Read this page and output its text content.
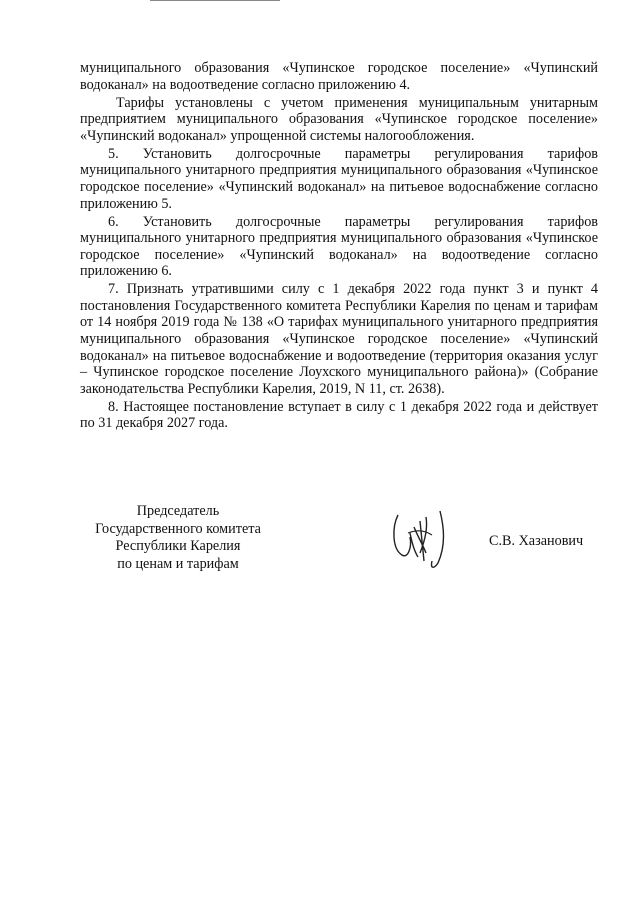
муниципального образования «Чупинское городское поселение» «Чупинский водоканал» на водоотведение согласно приложению 4.

Тарифы установлены с учетом применения муниципальным унитарным предприятием муниципального образования «Чупинское городское поселение» «Чупинский водоканал» упрощенной системы налогообложения.

5. Установить долгосрочные параметры регулирования тарифов муниципального унитарного предприятия муниципального образования «Чупинское городское поселение» «Чупинский водоканал» на питьевое водоснабжение согласно приложению 5.

6. Установить долгосрочные параметры регулирования тарифов муниципального унитарного предприятия муниципального образования «Чупинское городское поселение» «Чупинский водоканал» на водоотведение согласно приложению 6.

7. Признать утратившими силу с 1 декабря 2022 года пункт 3 и пункт 4 постановления Государственного комитета Республики Карелия по ценам и тарифам от 14 ноября 2019 года № 138 «О тарифах муниципального унитарного предприятия муниципального образования «Чупинское городское поселение» «Чупинский водоканал» на питьевое водоснабжение и водоотведение (территория оказания услуг – Чупинское городское поселение Лоухского муниципального района)» (Собрание законодательства Республики Карелия, 2019, N 11, ст. 2638).

8. Настоящее постановление вступает в силу с 1 декабря 2022 года и действует по 31 декабря 2027 года.

Председатель
Государственного комитета
Республики Карелия
по ценам и тарифам
С.В. Хазанович
